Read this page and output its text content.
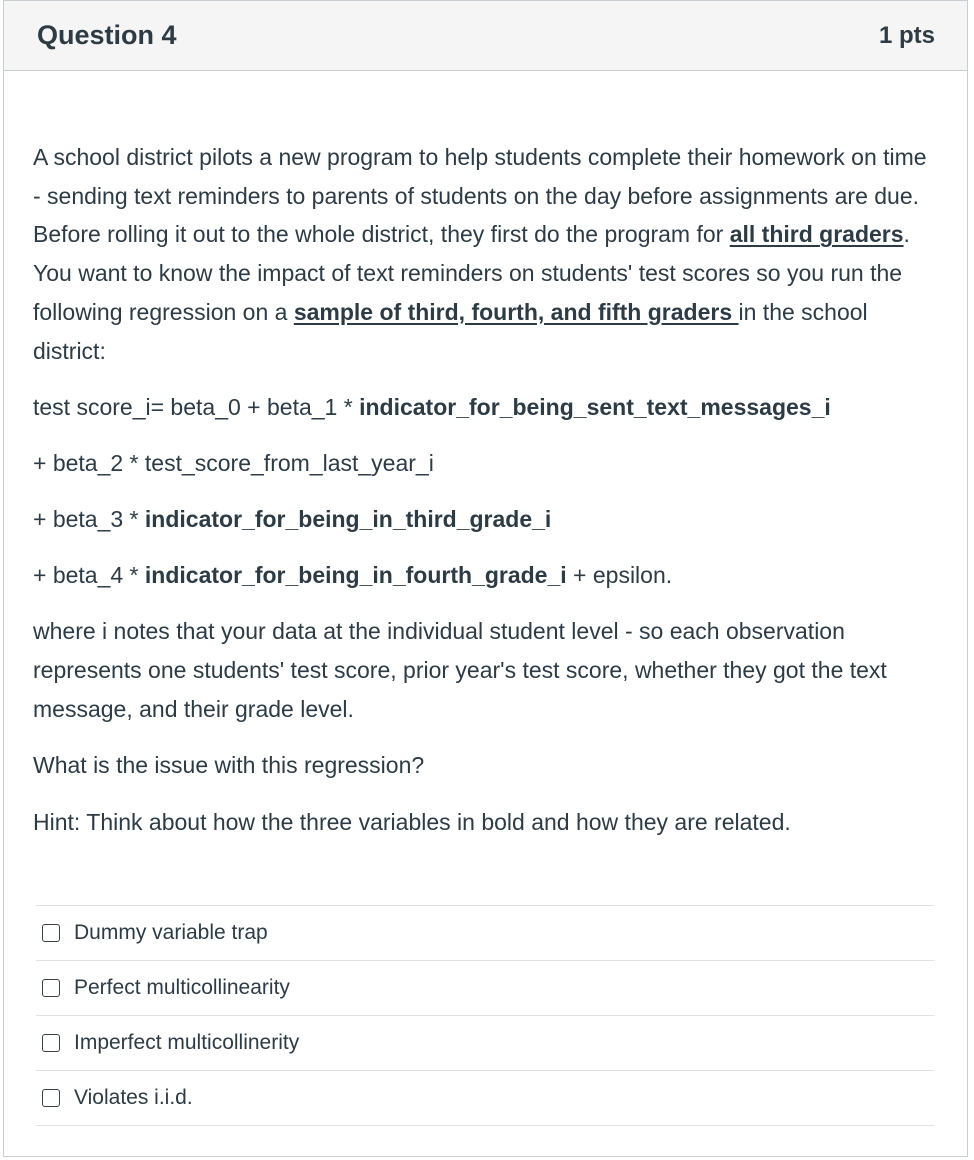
Question 4	1 pts

A school district pilots a new program to help students complete their homework on time - sending text reminders to parents of students on the day before assignments are due. Before rolling it out to the whole district, they first do the program for all third graders. You want to know the impact of text reminders on students' test scores so you run the following regression on a sample of third, fourth, and fifth graders in the school district:

test score_i= beta_0 + beta_1 * indicator_for_being_sent_text_messages_i

+ beta_2 * test_score_from_last_year_i

+ beta_3 * indicator_for_being_in_third_grade_i

+ beta_4 * indicator_for_being_in_fourth_grade_i + epsilon.

where i notes that your data at the individual student level - so each observation represents one students' test score, prior year's test score, whether they got the text message, and their grade level.

What is the issue with this regression?

Hint: Think about how the three variables in bold and how they are related.

Dummy variable trap
Perfect multicollinearity
Imperfect multicollinerity
Violates i.i.d.
